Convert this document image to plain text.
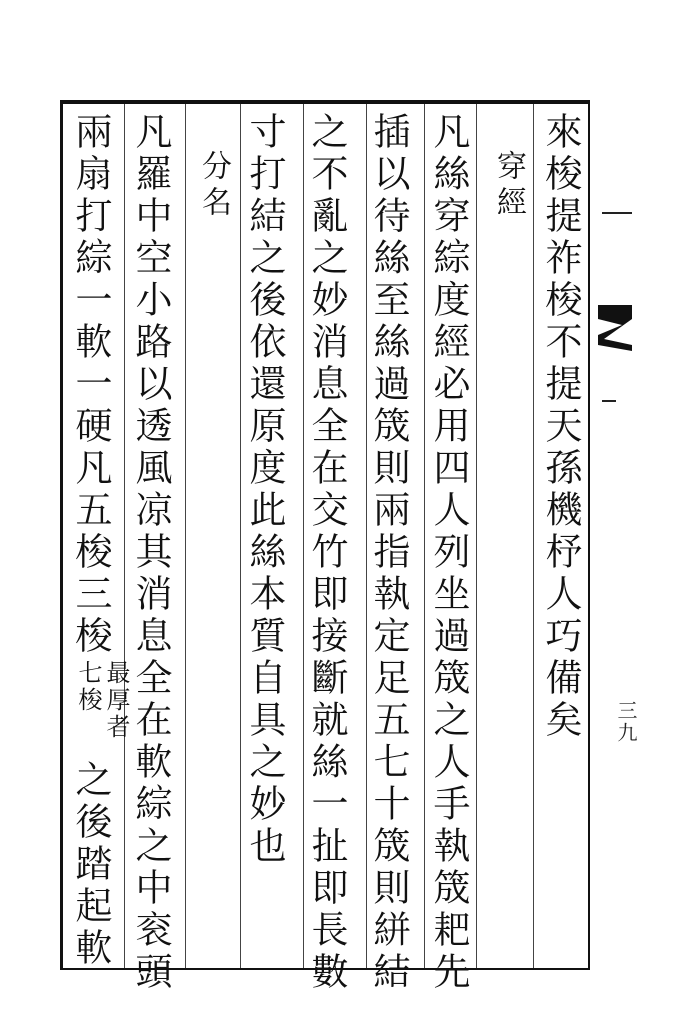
來梭提祚梭不提天孫機杼人巧備矣
穿經
凡絲穿綜度經必用四人列坐過筬之人手執筬耙先
插以待絲至絲過筬則兩指執定足五七十筬則絣結
之不亂之妙消息全在交竹即接斷就絲一扯即長數
寸打結之後依還原度此絲本質自具之妙也
分名
凡羅中空小路以透風凉其消息全在軟綜之中衮頭
兩扇打綜一軟一硬凡五梭三梭
最厚者
七梭
之後踏起軟
三九
